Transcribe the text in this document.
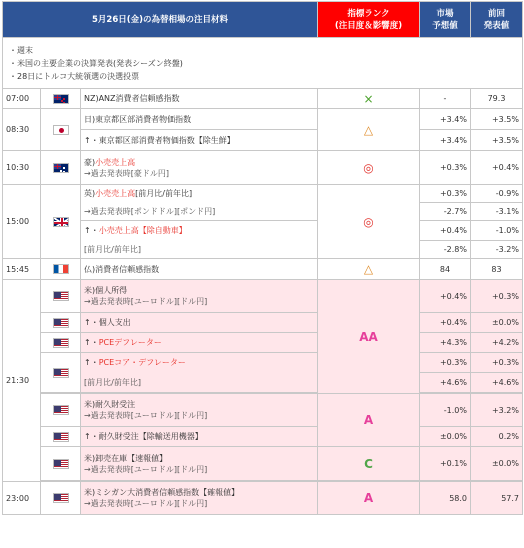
5月26日(金)の為替相場の注目材料			指標ランク
(注目度＆影響度)	市場
予想値	前回
発表値

・週末
・米国の主要企業の決算発表(発表シーズン終盤)
・28日にトルコ大統領選の決選投票					

07:00		NZ)ANZ消費者信頼感指数	×	-	79.3
08:30		日)東京都区部消費者物価指数	△	+3.4%	+3.5%
		↑・東京都区部消費者物価指数【除生鮮】		+3.4%	+3.5%
10:30		豪)小売売上高
→過去発表時[豪ドル円]	◎	+0.3%	+0.4%
15:00		英)小売売上高[前月比/前年比]	◎	+0.3%	-0.9%
		→過去発表時[ポンドドル][ポンド円]		-2.7%	-3.1%
		↑・小売売上高【除自動車】		+0.4%	-1.0%
		[前月比/前年比]		-2.8%	-3.2%
15:45		仏)消費者信頼感指数	△	84	83
21:30		米)個人所得
→過去発表時[ユーロドル][ドル円]	AA	+0.4%	+0.3%
		↑・個人支出		+0.4%	±0.0%
		↑・PCEデフレーター		+4.3%	+4.2%
		↑・PCEコア・デフレーター		+0.3%	+0.3%
		[前月比/前年比]		+4.6%	+4.6%

		米)耐久財受注
→過去発表時[ユーロドル][ドル円]	A	-1.0%	+3.2%
		↑・耐久財受注【除輸送用機器】		±0.0%	0.2%

		米)卸売在庫【速報値】
→過去発表時[ユーロドル][ドル円]	C	+0.1%	±0.0%

23:00		米)ミシガン大消費者信頼感指数【確報値】
→過去発表時[ユーロドル][ドル円]	A	58.0	57.7
